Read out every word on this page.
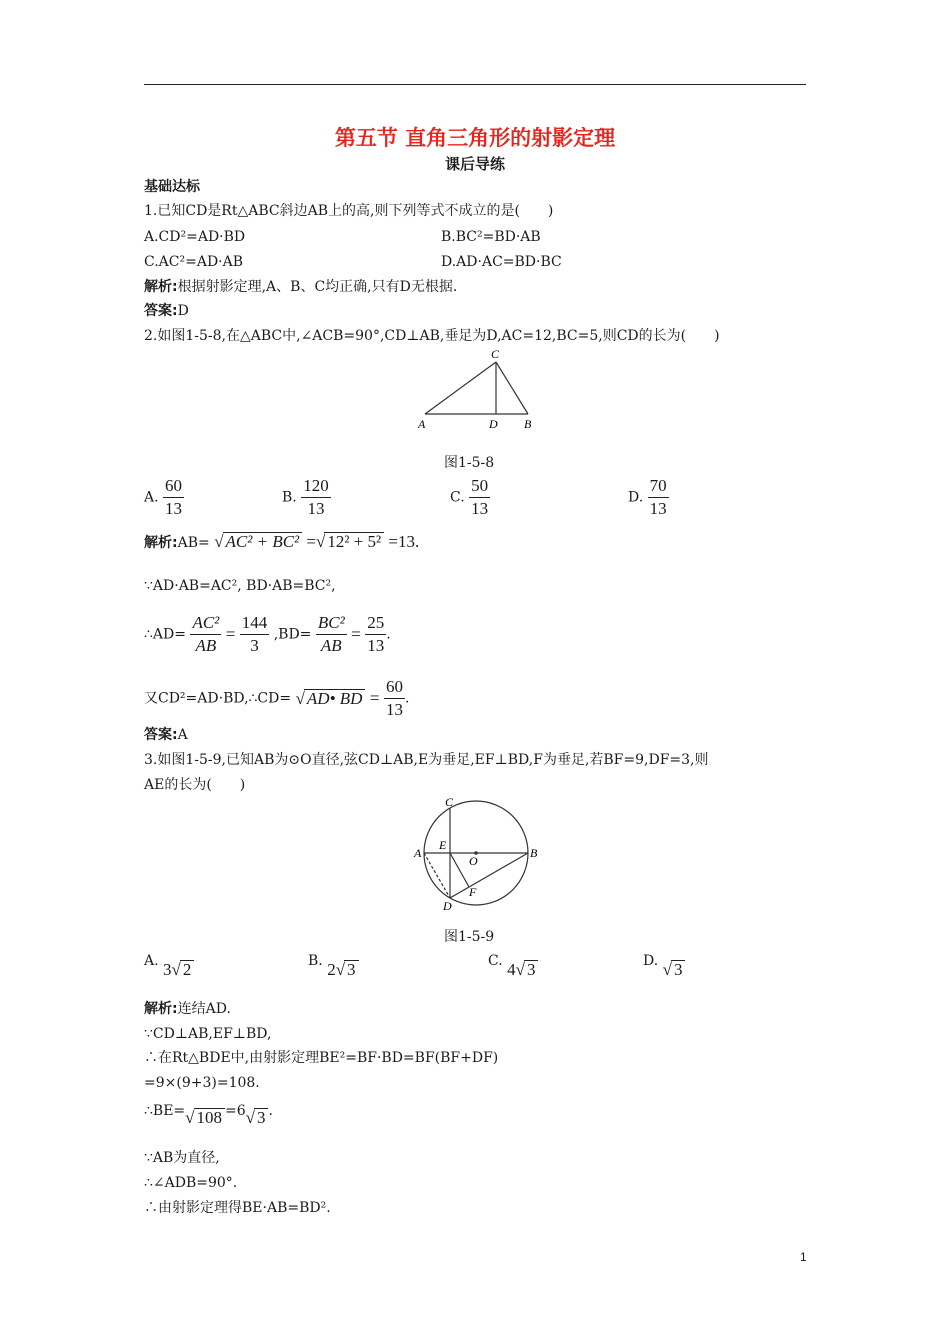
第五节 直角三角形的射影定理
课后导练
基础达标
1.已知CD是Rt△ABC斜边AB上的高,则下列等式不成立的是(　　)
A.CD²=AD·BD	B.BC²=BD·AB
C.AC²=AD·AB	D.AD·AC=BD·BC
解析:根据射影定理,A、B、C均正确,只有D无根据.
答案:D
2.如图1-5-8,在△ABC中,∠ACB=90°,CD⊥AB,垂足为D,AC=12,BC=5,则CD的长为(　　)
A	B
C
D
图1-5-8
A. $\frac{60}{13}$	B. $\frac{120}{13}$	C. $\frac{50}{13}$	D. $\frac{70}{13}$
解析:AB= √ AC² + BC² =√ 12² + 5² =13.
∵AD·AB=AC², BD·AB=BC²,
∴AD= $\frac{\text{AC²}}{AB} = \frac{144}{3} ,BD= \frac{\text{BC²}}{AB} = \frac{25}{13}$ .
又CD²=AD·BD,∴CD= √ AD• BD = $\frac{60}{13}$ .
答案:A
3.如图1-5-9,已知AB为⊙O直径,弦CD⊥AB,E为垂足,EF⊥BD,F为垂足,若BF=9,DF=3,则
AE的长为(　　)
A	B
C
D
E
F
O
图1-5-9
A. 3√ 2	B. 2√ 3	C. 4√ 3	D. √ 3
解析:连结AD.
∵CD⊥AB,EF⊥BD,
∴在Rt△BDE中,由射影定理BE²=BF·BD=BF(BF+DF)
=9×(9+3)=108.
∴BE=√ 108 =6√ 3 .
∵AB为直径,
∴∠ADB=90°.
∴由射影定理得BE·AB=BD².
1
